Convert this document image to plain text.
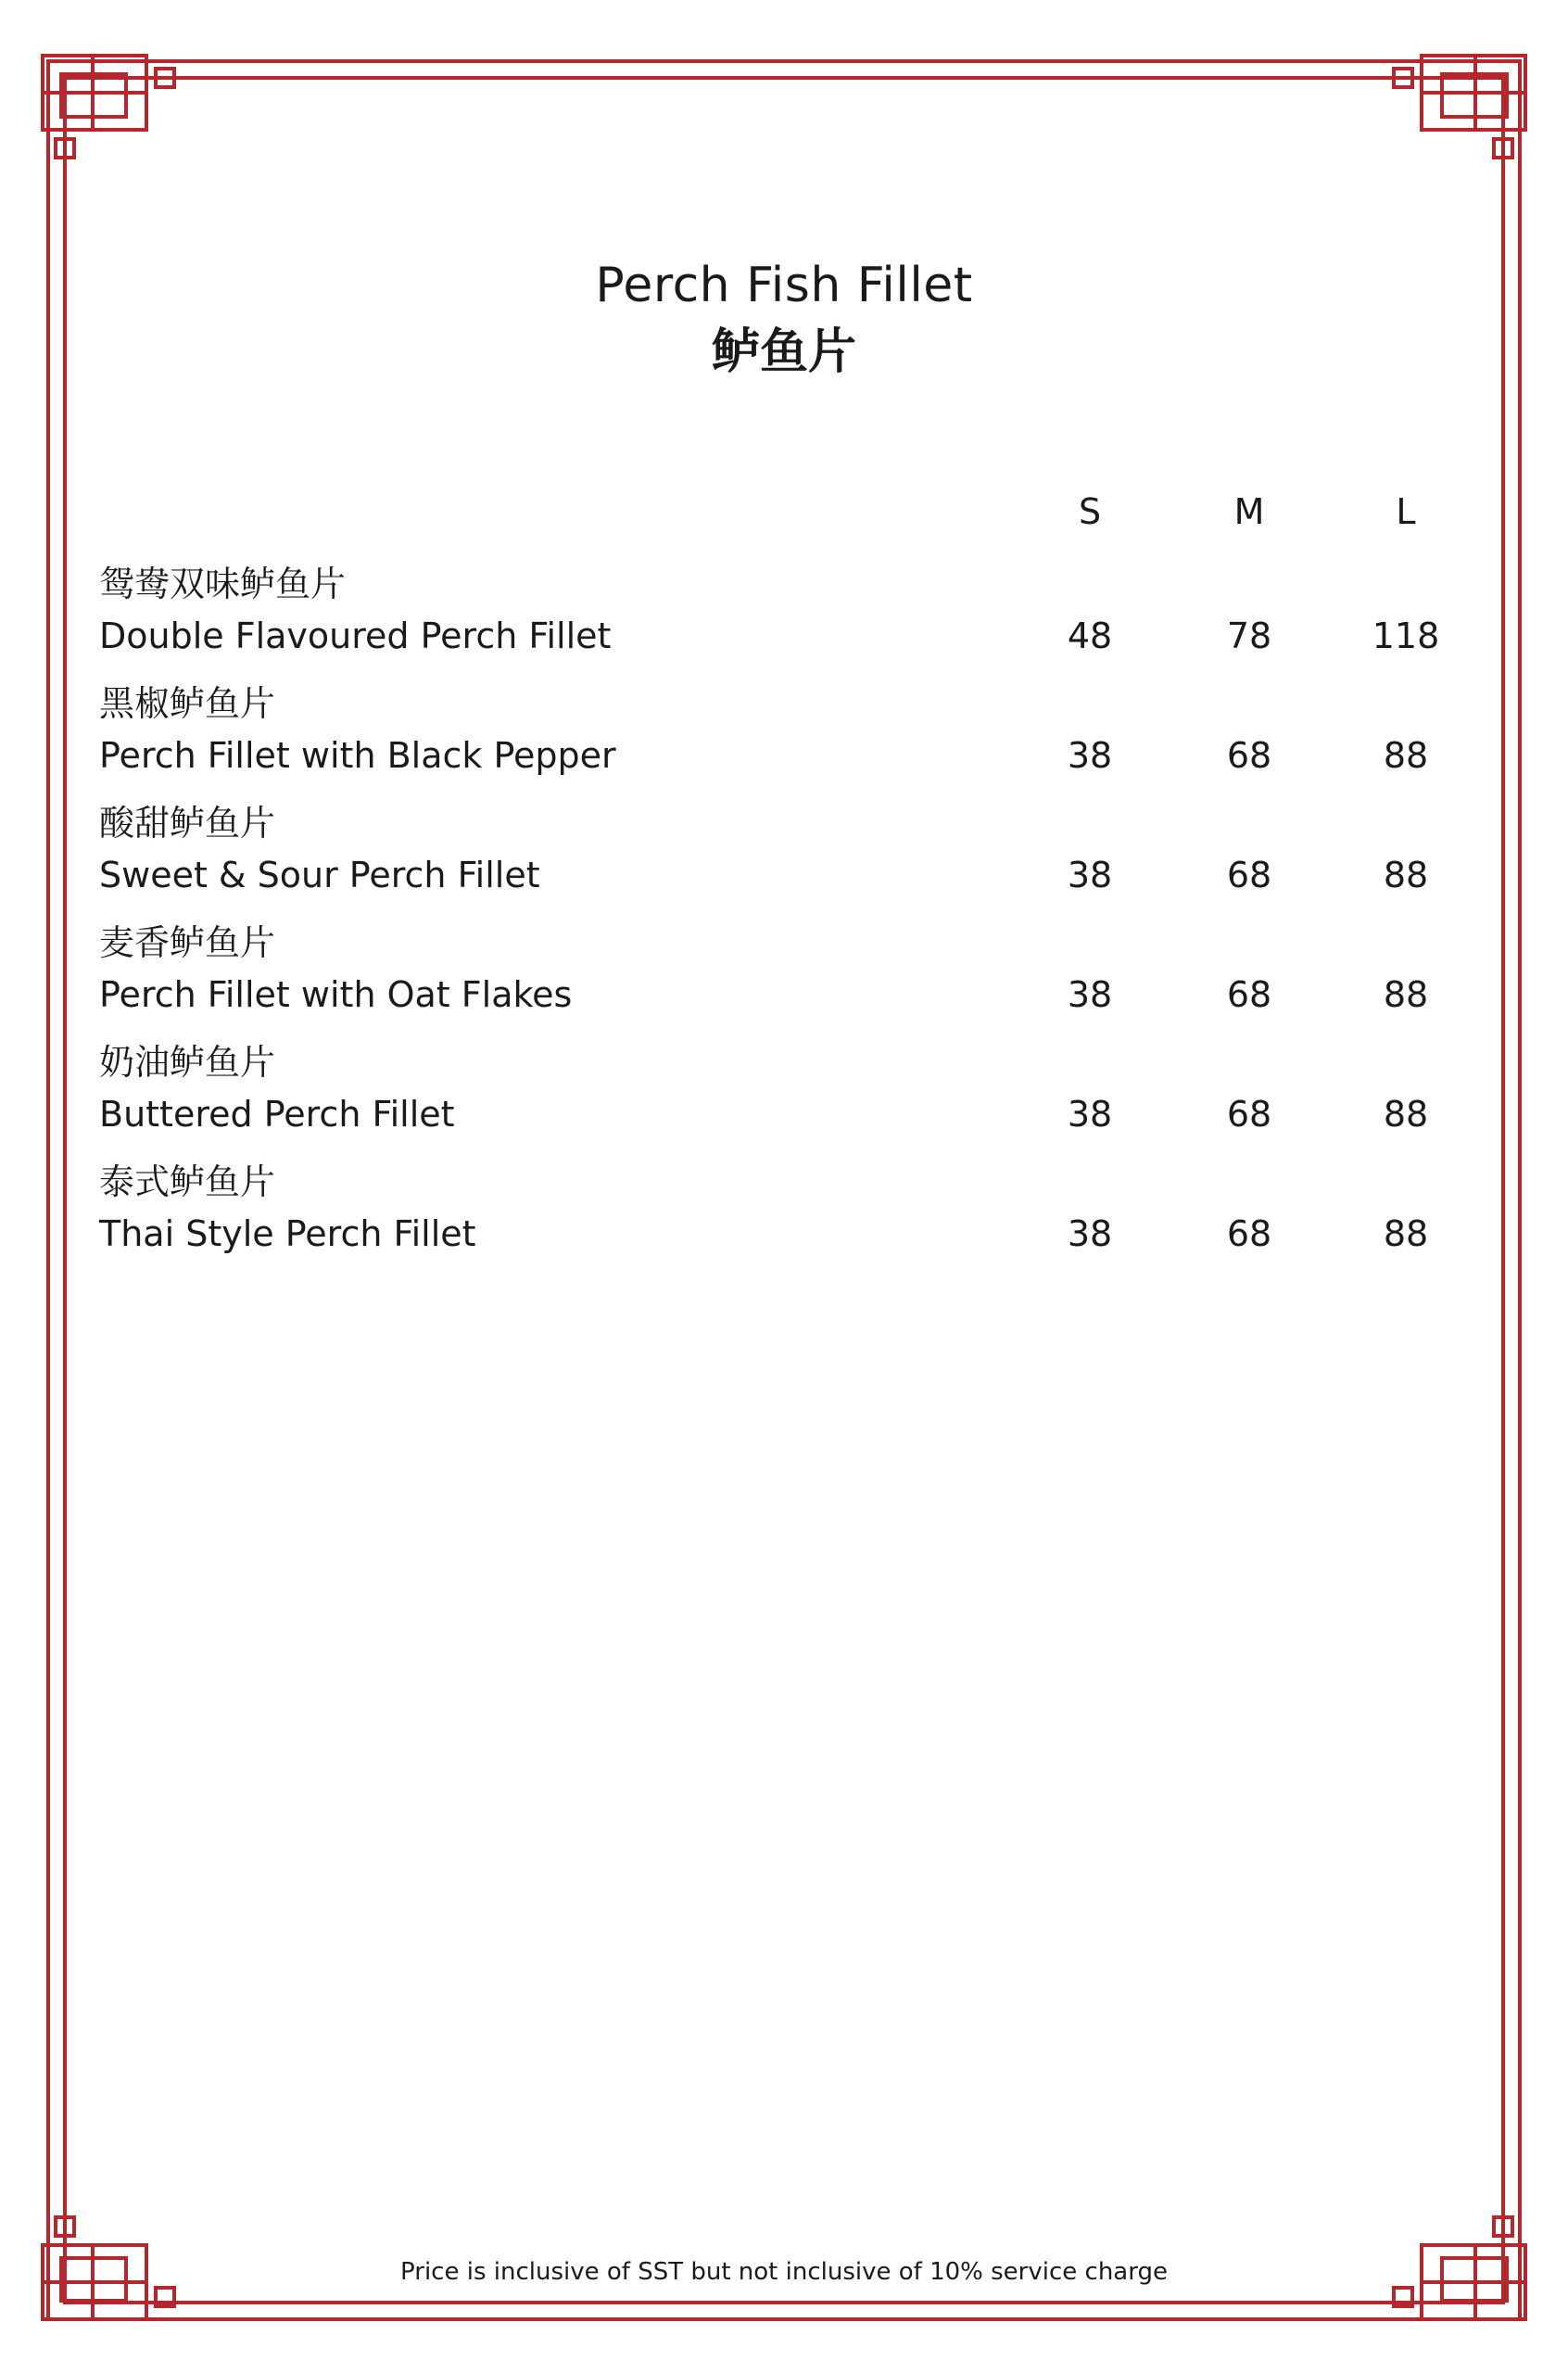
Perch Fish Fillet
鲈鱼片
S	M	L
鸳鸯双味鲈鱼片
Double Flavoured Perch Fillet	48	78	118
黑椒鲈鱼片
Perch Fillet with Black Pepper	38	68	88
酸甜鲈鱼片
Sweet & Sour Perch Fillet	38	68	88
麦香鲈鱼片
Perch Fillet with Oat Flakes	38	68	88
奶油鲈鱼片
Buttered Perch Fillet	38	68	88
泰式鲈鱼片
Thai Style Perch Fillet	38	68	88
Price is inclusive of SST but not inclusive of 10% service charge
